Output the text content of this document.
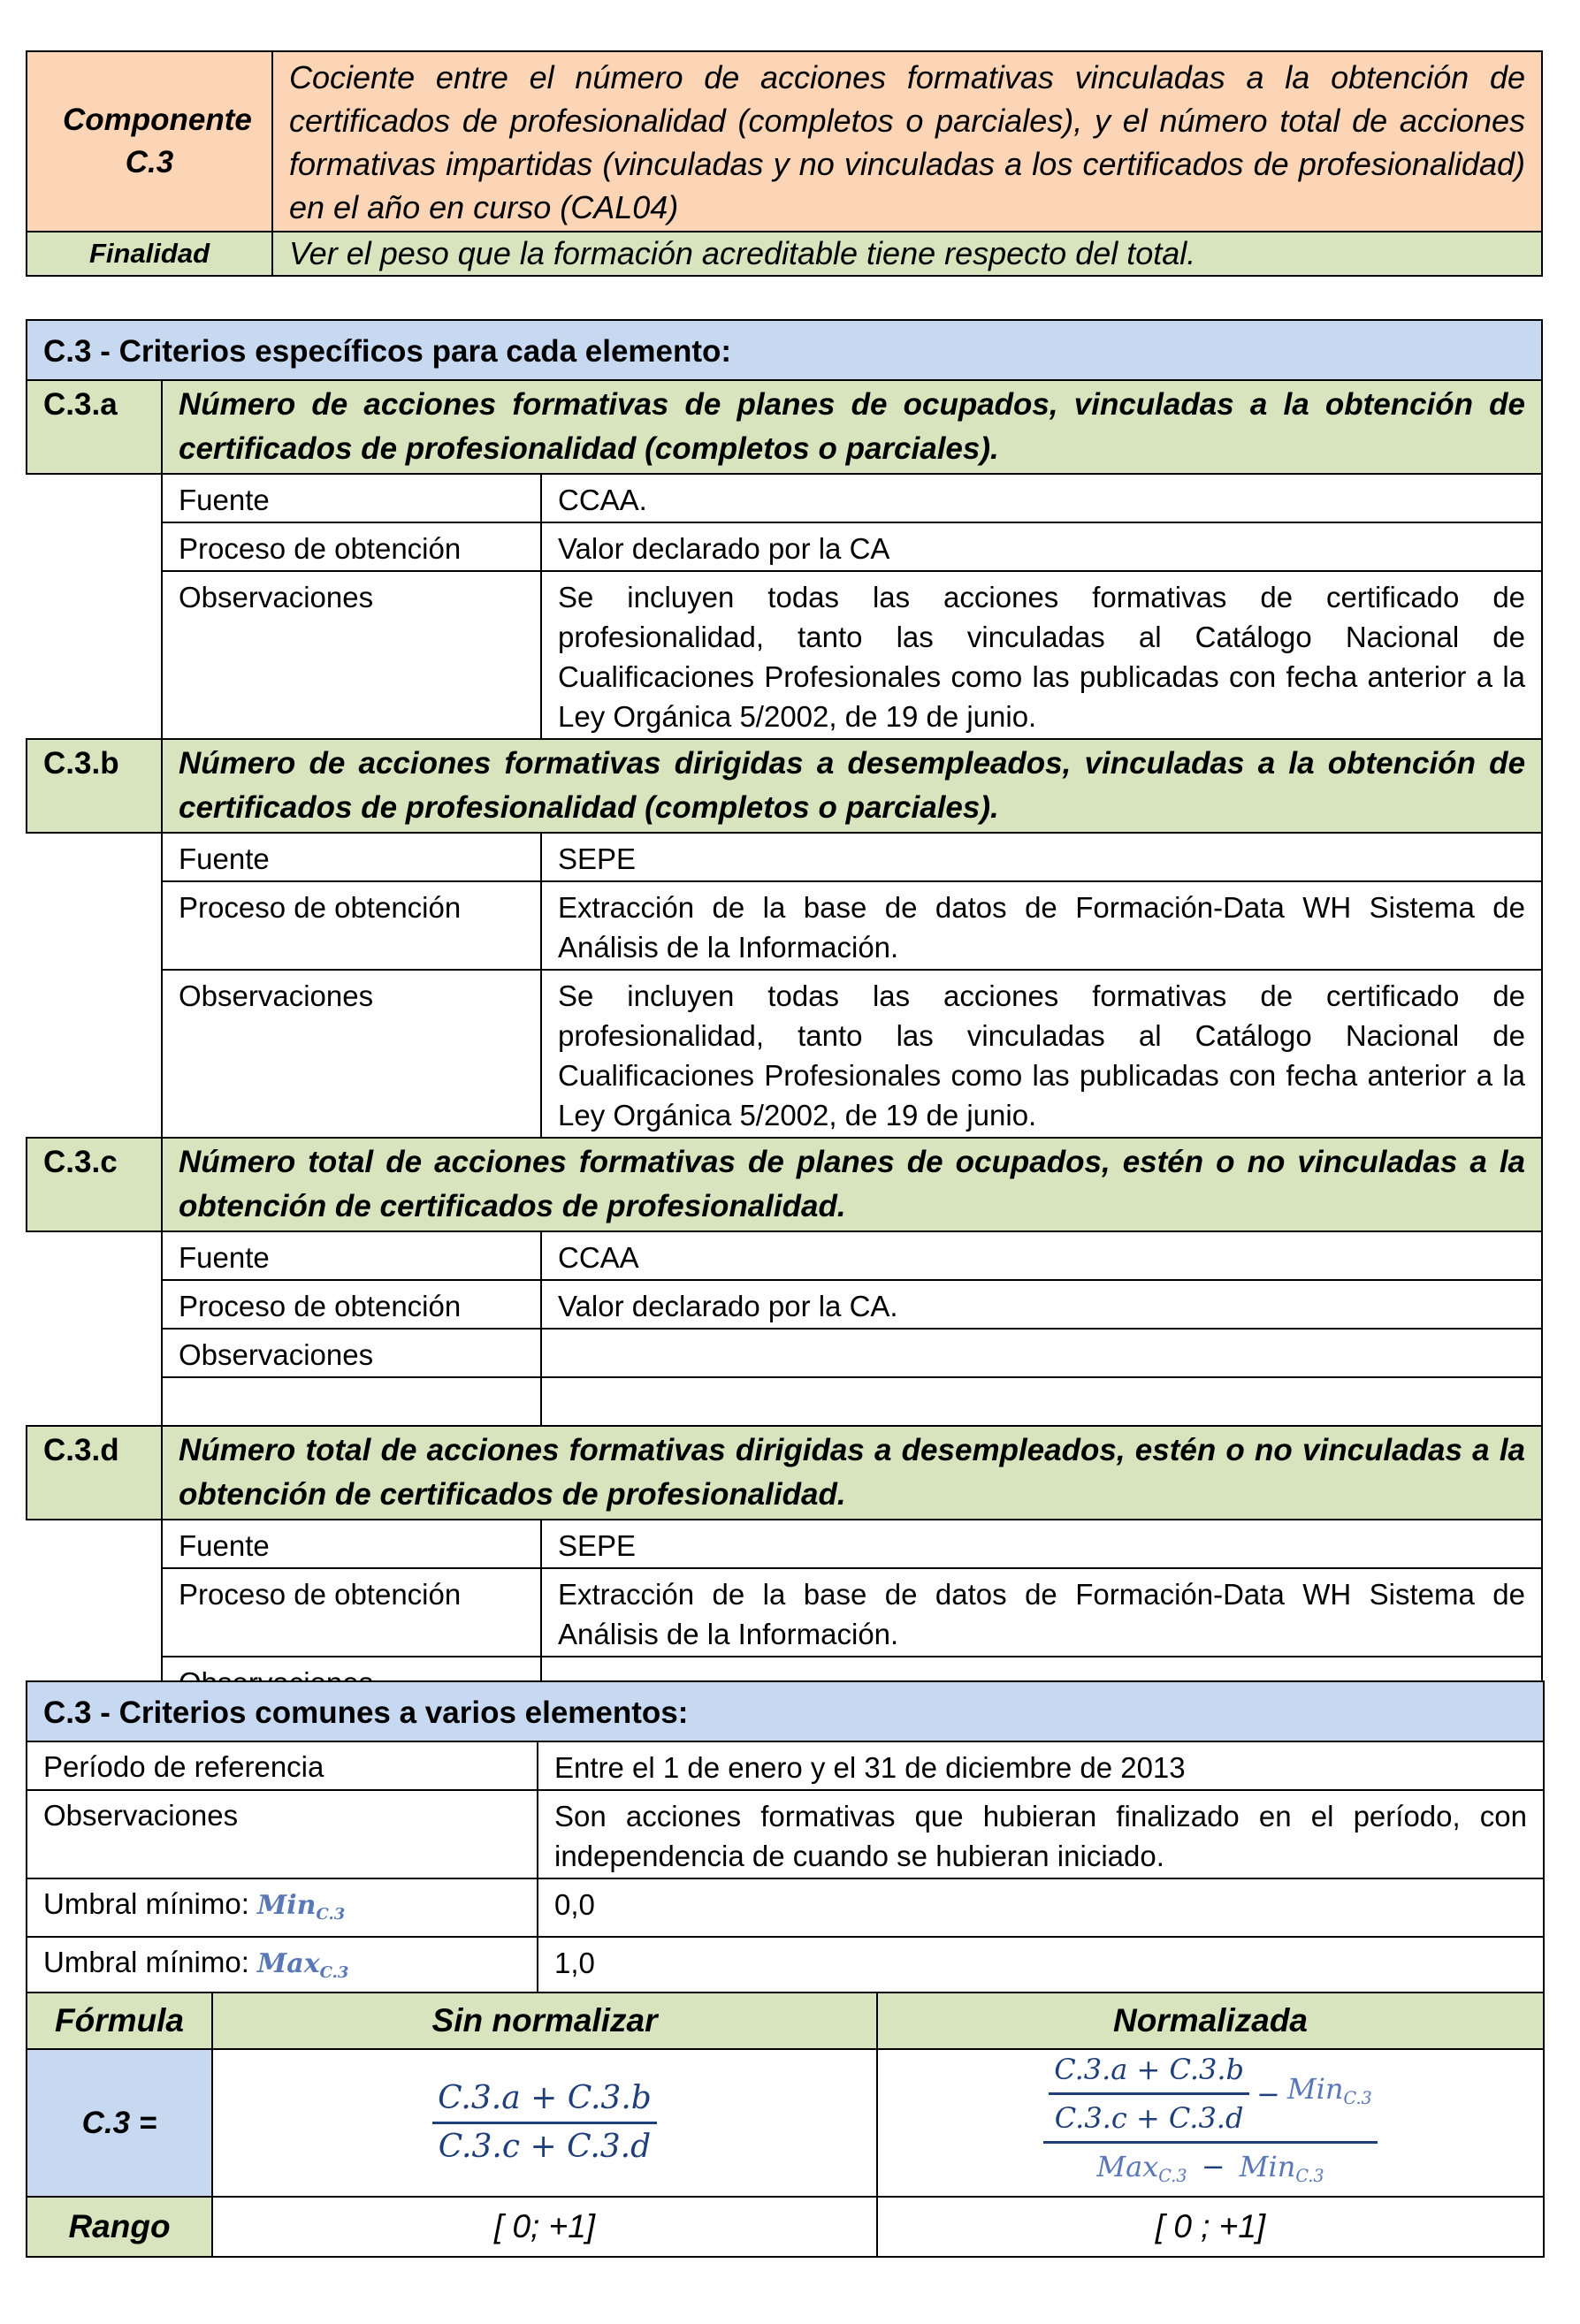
Componente C.3	Cociente entre el número de acciones formativas vinculadas a la obtención de certificados de profesionalidad (completos o parciales), y el número total de acciones formativas impartidas (vinculadas y no vinculadas a los certificados de profesionalidad) en el año en curso (CAL04)
Finalidad	Ver el peso que la formación acreditable tiene respecto del total.
C.3 - Criterios específicos para cada elemento:		
C.3.a	Número de acciones formativas de planes de ocupados, vinculadas a la obtención de certificados de profesionalidad (completos o parciales).	
	Fuente	CCAA.
	Proceso de obtención	Valor declarado por la CA
	Observaciones	Se incluyen todas las acciones formativas de certificado de profesionalidad, tanto las vinculadas al Catálogo Nacional de Cualificaciones Profesionales como las publicadas con fecha anterior a la Ley Orgánica 5/2002, de 19 de junio.
C.3.b	Número de acciones formativas dirigidas a desempleados, vinculadas a la obtención de certificados de profesionalidad (completos o parciales).	
	Fuente	SEPE
	Proceso de obtención	Extracción de la base de datos de Formación-Data WH Sistema de Análisis de la Información.
	Observaciones	Se incluyen todas las acciones formativas de certificado de profesionalidad, tanto las vinculadas al Catálogo Nacional de Cualificaciones Profesionales como las publicadas con fecha anterior a la Ley Orgánica 5/2002, de 19 de junio.
C.3.c	Número total de acciones formativas de planes de ocupados, estén o no vinculadas a la obtención de certificados de profesionalidad.	
	Fuente	CCAA
	Proceso de obtención	Valor declarado por la CA.
	Observaciones	

C.3.d	Número total de acciones formativas dirigidas a desempleados, estén o no vinculadas a la obtención de certificados de profesionalidad.	
	Fuente	SEPE
	Proceso de obtención	Extracción de la base de datos de Formación-Data WH Sistema de Análisis de la Información.

C.3 - Criterios comunes a varios elementos:	
Período de referencia	Entre el 1 de enero y el 31 de diciembre de 2013
Observaciones	Son acciones formativas que hubieran finalizado en el período, con independencia de cuando se hubieran iniciado.
Umbral mínimo: Min$_{C.3}$	0,0
Umbral mínimo: Max$_{C.3}$	1,0
Fórmula	Sin normalizar	Normalizada
C.3 =	$\frac{C.3.a + C.3.b}{C.3.c + C.3.d}$	$\frac{C.3.a + C.3.b}{C.3.c + C.3.d} - Min_{C.3}$
Max$_{C.3}$ − Min$_{C.3}$

Rango	[ 0; +1]	[ 0 ; +1]
